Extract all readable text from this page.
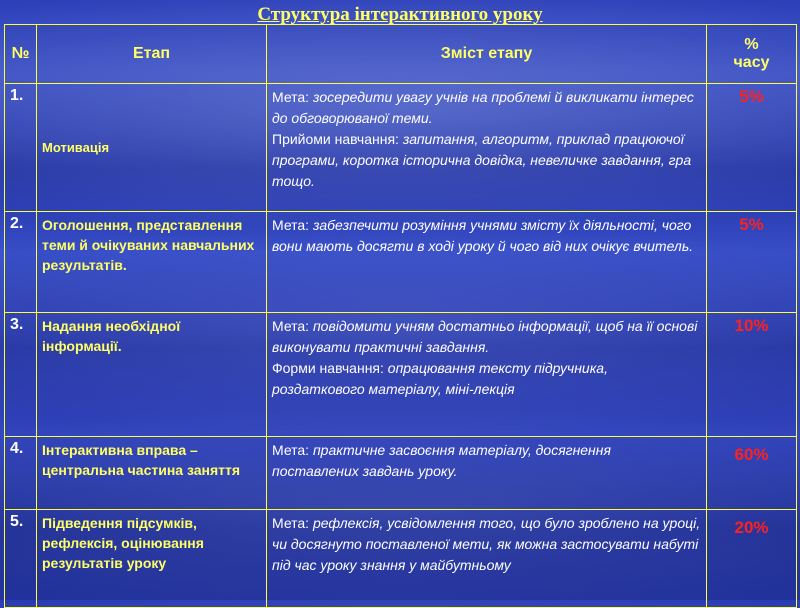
Структура інтерактивного уроку
№	Етап	Зміст етапу	%
часу
1.	Мотивація	Мета: зосередити увагу учнів на проблемі й викликати інтерес до обговорюваної теми.
Прийоми навчання: запитання, алгоритм, приклад працюючої програми, коротка історична довідка, невеличке завдання, гра тощо.	5%
2.	Оголошення, представлення теми й очікуваних навчальних результатів.	Мета: забезпечити розуміння учнями змісту їх діяльності, чого вони мають досягти в ході уроку й чого від них очікує вчитель.	5%
3.	Надання необхідної інформації.	Мета: повідомити учням достатньо інформації, щоб на її основі виконувати практичні завдання.
Форми навчання: опрацювання тексту підручника, роздаткового матеріалу, міні-лекція	10%
4.	Інтерактивна вправа – центральна частина заняття	Мета: практичне засвоєння матеріалу, досягнення поставлених завдань уроку.	60%
5.	Підведення підсумків, рефлексія, оцінювання результатів уроку	Мета: рефлексія, усвідомлення того, що було зроблено на уроці, чи досягнуто поставленої мети, як можна застосувати набуті під час уроку знання у майбутньому	20%
